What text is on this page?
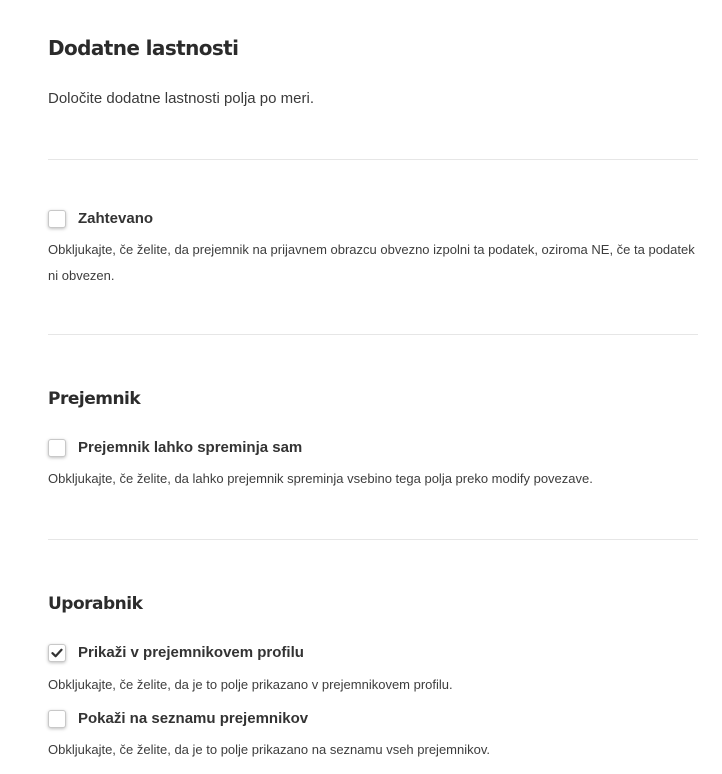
Dodatne lastnosti
Določite dodatne lastnosti polja po meri.
Zahtevano
Obkljukajte, če želite, da prejemnik na prijavnem obrazcu obvezno izpolni ta podatek, oziroma NE, če ta podatek ni obvezen.
Prejemnik
Prejemnik lahko spreminja sam
Obkljukajte, če želite, da lahko prejemnik spreminja vsebino tega polja preko modify povezave.
Uporabnik
Prikaži v prejemnikovem profilu
Obkljukajte, če želite, da je to polje prikazano v prejemnikovem profilu.
Pokaži na seznamu prejemnikov
Obkljukajte, če želite, da je to polje prikazano na seznamu vseh prejemnikov.
